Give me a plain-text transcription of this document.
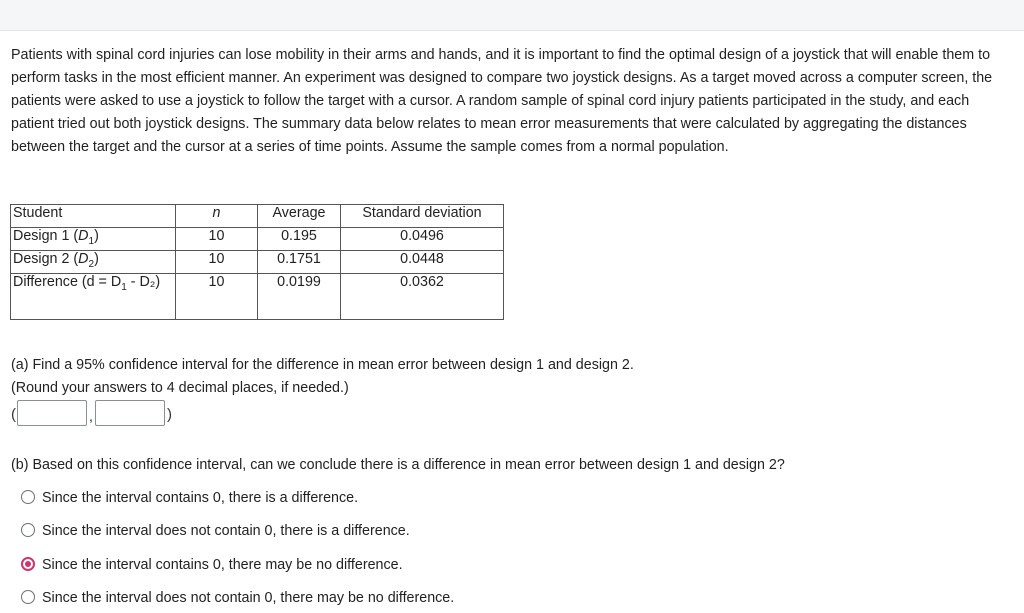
Patients with spinal cord injuries can lose mobility in their arms and hands, and it is important to find the optimal design of a joystick that will enable them to perform tasks in the most efficient manner. An experiment was designed to compare two joystick designs. As a target moved across a computer screen, the patients were asked to use a joystick to follow the target with a cursor. A random sample of spinal cord injury patients participated in the study, and each patient tried out both joystick designs. The summary data below relates to mean error measurements that were calculated by aggregating the distances between the target and the cursor at a series of time points. Assume the sample comes from a normal population.

Student	n	Average	Standard deviation
Design 1 $(D_1)$	10	0.195	0.0496
Design 2 $(D_2)$	10	0.1751	0.0448
Difference $(d = D_1 - D_2)$	10	0.0199	0.0362

(a) Find a 95% confidence interval for the difference in mean error between design 1 and design 2.

(Round your answers to 4 decimal places, if needed.)

(	,	)

(b) Based on this confidence interval, can we conclude there is a difference in mean error between design 1 and design 2?

Since the interval contains 0, there is a difference.
Since the interval does not contain 0, there is a difference.
Since the interval contains 0, there may be no difference.
Since the interval does not contain 0, there may be no difference.
